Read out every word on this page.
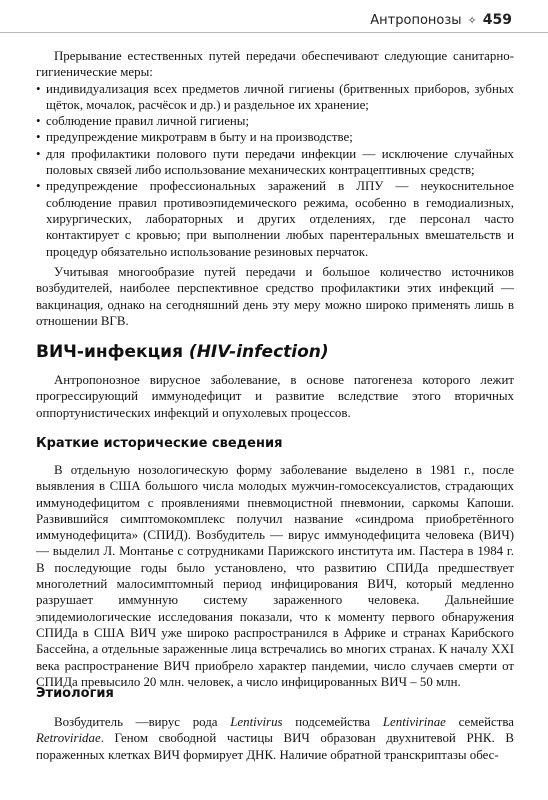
Антропонозы ✧ 459

Прерывание естественных путей передачи обеспечивают следующие санитарно-гигиенические меры:

• индивидуализация всех предметов личной гигиены (бритвенных приборов, зубных щёток, мочалок, расчёсок и др.) и раздельное их хранение;
• соблюдение правил личной гигиены;
• предупреждение микротравм в быту и на производстве;
• для профилактики полового пути передачи инфекции — исключение случайных половых связей либо использование механических контрацептивных средств;
• предупреждение профессиональных заражений в ЛПУ — неукоснительное соблюдение правил противоэпидемического режима, особенно в гемодиализных, хирургических, лабораторных и других отделениях, где персонал часто контактирует с кровью; при выполнении любых парентеральных вмешательств и процедур обязательно использование резиновых перчаток.

Учитывая многообразие путей передачи и большое количество источников возбудителей, наиболее перспективное средство профилактики этих инфекций — вакцинация, однако на сегодняшний день эту меру можно широко применять лишь в отношении ВГВ.

ВИЧ-инфекция (HIV-infection)

Антропонозное вирусное заболевание, в основе патогенеза которого лежит прогрессирующий иммунодефицит и развитие вследствие этого вторичных оппортунистических инфекций и опухолевых процессов.

Краткие исторические сведения

В отдельную нозологическую форму заболевание выделено в 1981 г., после выявления в США большого числа молодых мужчин-гомосексуалистов, страдающих иммунодефицитом с проявлениями пневмоцистной пневмонии, саркомы Капоши. Развившийся симптомокомплекс получил название «синдрома приобретённого иммунодефицита» (СПИД). Возбудитель — вирус иммунодефицита человека (ВИЧ) — выделил Л. Монтанье с сотрудниками Парижского института им. Пастера в 1984 г. В последующие годы было установлено, что развитию СПИДа предшествует многолетний малосимптомный период инфицирования ВИЧ, который медленно разрушает иммунную систему зараженного человека. Дальнейшие эпидемиологические исследования показали, что к моменту первого обнаружения СПИДа в США ВИЧ уже широко распространился в Африке и странах Карибского Бассейна, а отдельные зараженные лица встречались во многих странах. К началу XXI века распространение ВИЧ приобрело характер пандемии, число случаев смерти от СПИДа превысило 20 млн. человек, а число инфицированных ВИЧ – 50 млн.

Этиология

Возбудитель —вирус рода Lentivirus подсемейства Lentivirinae семейства Retroviridae. Геном свободной частицы ВИЧ образован двухнитевой РНК. В пораженных клетках ВИЧ формирует ДНК. Наличие обратной транскриптазы обес-
